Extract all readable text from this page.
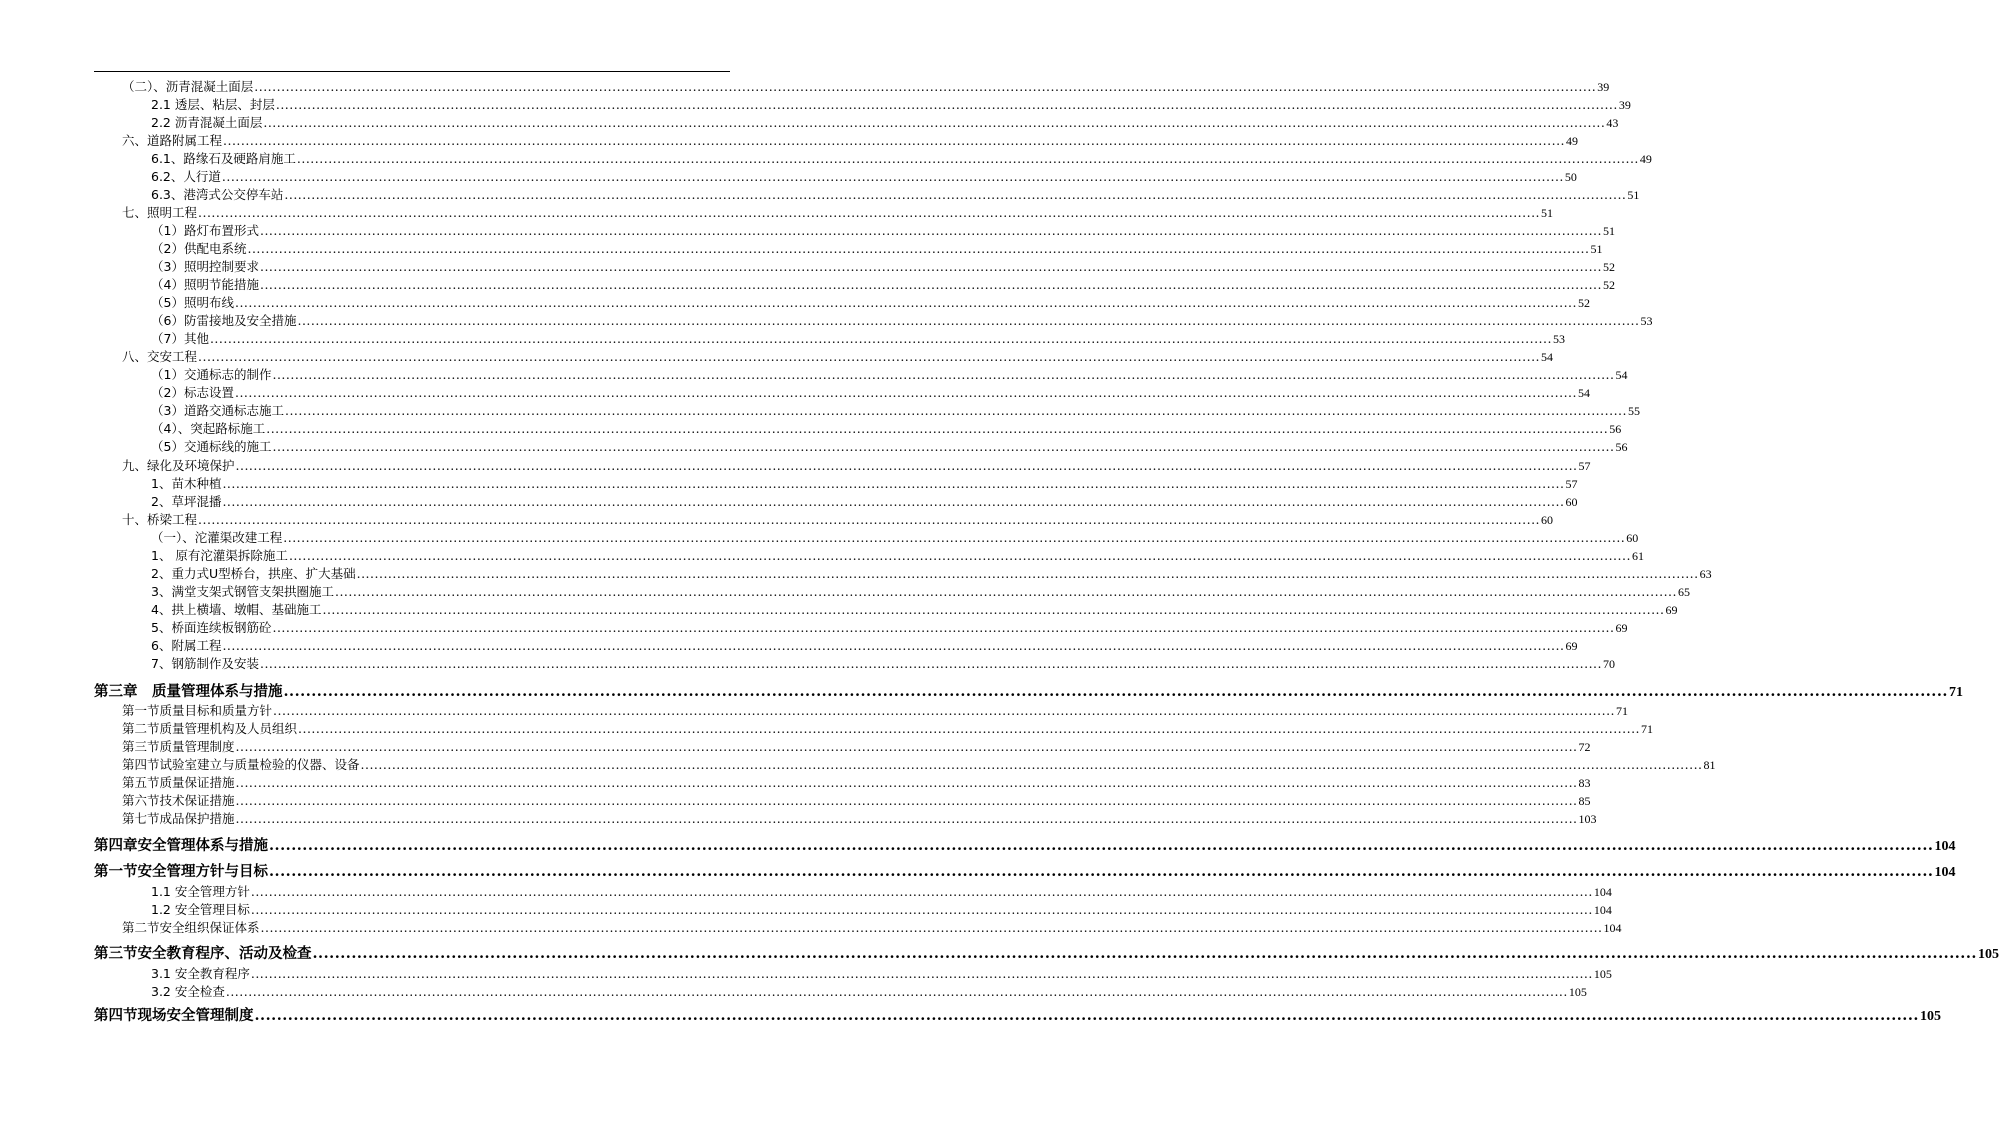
（二）、沥青混凝土面层 ............................................................................................................................................................................................................................................................................................................ 39
2.1 透层、粘层、封层 ............................................................................................................................................................................................................................................................................................................ 39
2.2 沥青混凝土面层 ............................................................................................................................................................................................................................................................................................................ 43
六、道路附属工程 ............................................................................................................................................................................................................................................................................................................ 49
6.1、路缘石及硬路肩施工 ............................................................................................................................................................................................................................................................................................................ 49
6.2、人行道 ............................................................................................................................................................................................................................................................................................................ 50
6.3、港湾式公交停车站 ............................................................................................................................................................................................................................................................................................................ 51
七、照明工程 ............................................................................................................................................................................................................................................................................................................ 51
（1）路灯布置形式 ............................................................................................................................................................................................................................................................................................................ 51
（2）供配电系统 ............................................................................................................................................................................................................................................................................................................ 51
（3）照明控制要求 ............................................................................................................................................................................................................................................................................................................ 52
（4）照明节能措施 ............................................................................................................................................................................................................................................................................................................ 52
（5）照明布线 ............................................................................................................................................................................................................................................................................................................ 52
（6）防雷接地及安全措施 ............................................................................................................................................................................................................................................................................................................ 53
（7）其他 ............................................................................................................................................................................................................................................................................................................ 53
八、交安工程 ............................................................................................................................................................................................................................................................................................................ 54
（1）交通标志的制作 ............................................................................................................................................................................................................................................................................................................ 54
（2）标志设置 ............................................................................................................................................................................................................................................................................................................ 54
（3）道路交通标志施工 ............................................................................................................................................................................................................................................................................................................ 55
（4）、突起路标施工 ............................................................................................................................................................................................................................................................................................................ 56
（5）交通标线的施工 ............................................................................................................................................................................................................................................................................................................ 56
九、绿化及环境保护 ............................................................................................................................................................................................................................................................................................................ 57
1、苗木种植 ............................................................................................................................................................................................................................................................................................................ 57
2、草坪混播 ............................................................................................................................................................................................................................................................................................................ 60
十、桥梁工程 ............................................................................................................................................................................................................................................................................................................ 60
（一）、沱灌渠改建工程 ............................................................................................................................................................................................................................................................................................................ 60
1、 原有沱灌渠拆除施工 ............................................................................................................................................................................................................................................................................................................ 61
2、重力式U型桥台，拱座、扩大基础 ............................................................................................................................................................................................................................................................................................................ 63
3、满堂支架式钢管支架拱圈施工 ............................................................................................................................................................................................................................................................................................................ 65
4、拱上横墙、墩帽、基础施工 ............................................................................................................................................................................................................................................................................................................ 69
5、桥面连续板钢筋砼 ............................................................................................................................................................................................................................................................................................................ 69
6、附属工程 ............................................................................................................................................................................................................................................................................................................ 69
7、钢筋制作及安装 ............................................................................................................................................................................................................................................................................................................ 70
第三章　质量管理体系与措施 ............................................................................................................................................................................................................................................................................................................ 71
第一节质量目标和质量方针 ............................................................................................................................................................................................................................................................................................................ 71
第二节质量管理机构及人员组织 ............................................................................................................................................................................................................................................................................................................ 71
第三节质量管理制度 ............................................................................................................................................................................................................................................................................................................ 72
第四节试验室建立与质量检验的仪器、设备 ............................................................................................................................................................................................................................................................................................................ 81
第五节质量保证措施 ............................................................................................................................................................................................................................................................................................................ 83
第六节技术保证措施 ............................................................................................................................................................................................................................................................................................................ 85
第七节成品保护措施 ............................................................................................................................................................................................................................................................................................................ 103
第四章安全管理体系与措施 ............................................................................................................................................................................................................................................................................................................ 104
第一节安全管理方针与目标 ............................................................................................................................................................................................................................................................................................................ 104
1.1 安全管理方针 ............................................................................................................................................................................................................................................................................................................ 104
1.2 安全管理目标 ............................................................................................................................................................................................................................................................................................................ 104
第二节安全组织保证体系 ............................................................................................................................................................................................................................................................................................................ 104
第三节安全教育程序、活动及检查 ............................................................................................................................................................................................................................................................................................................ 105
3.1 安全教育程序 ............................................................................................................................................................................................................................................................................................................ 105
3.2 安全检查 ............................................................................................................................................................................................................................................................................................................ 105
第四节现场安全管理制度 ............................................................................................................................................................................................................................................................................................................ 105
